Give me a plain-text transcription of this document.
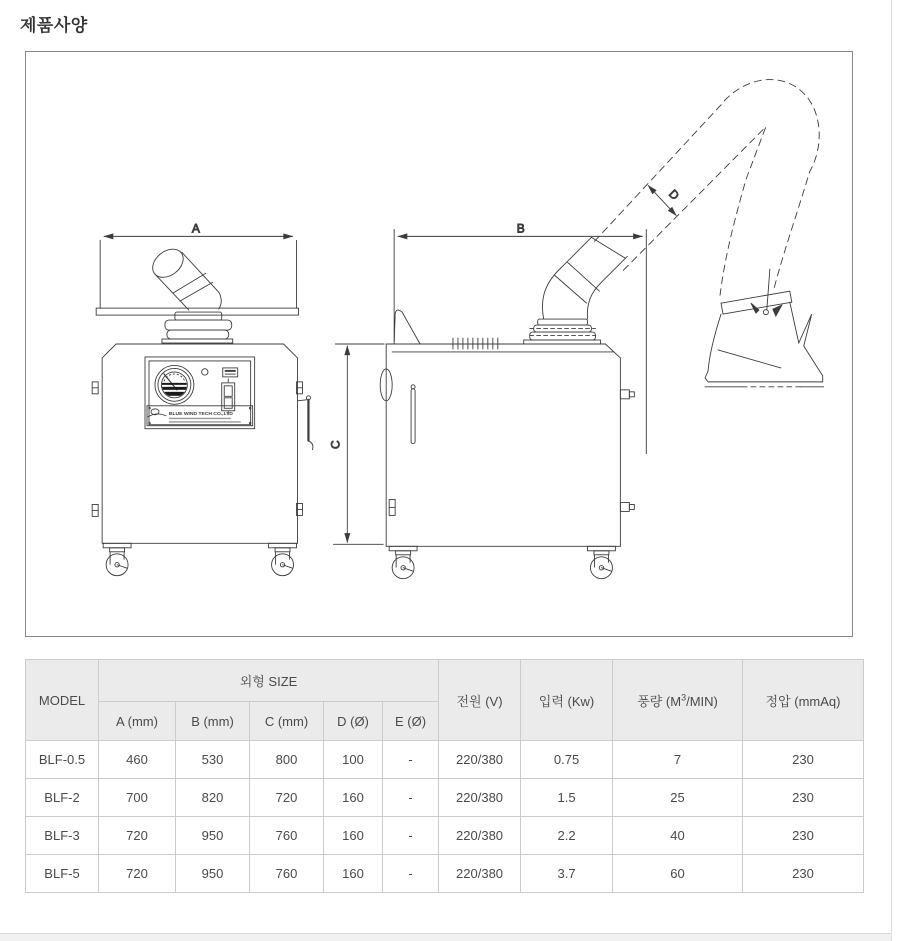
제품사양
A
BLUE WIND TECH CO.,LTD
B
C
D
MODEL	외형 SIZE					전원 (V)	입력 (Kw)	풍량 $(M^3/MIN)$	정압 (mmAq)
	A (mm)	B (mm)	C (mm)	D (Ø)	E (Ø)				
BLF-0.5	460	530	800	100	-	220/380	0.75	7	230
BLF-2	700	820	720	160	-	220/380	1.5	25	230
BLF-3	720	950	760	160	-	220/380	2.2	40	230
BLF-5	720	950	760	160	-	220/380	3.7	60	230
